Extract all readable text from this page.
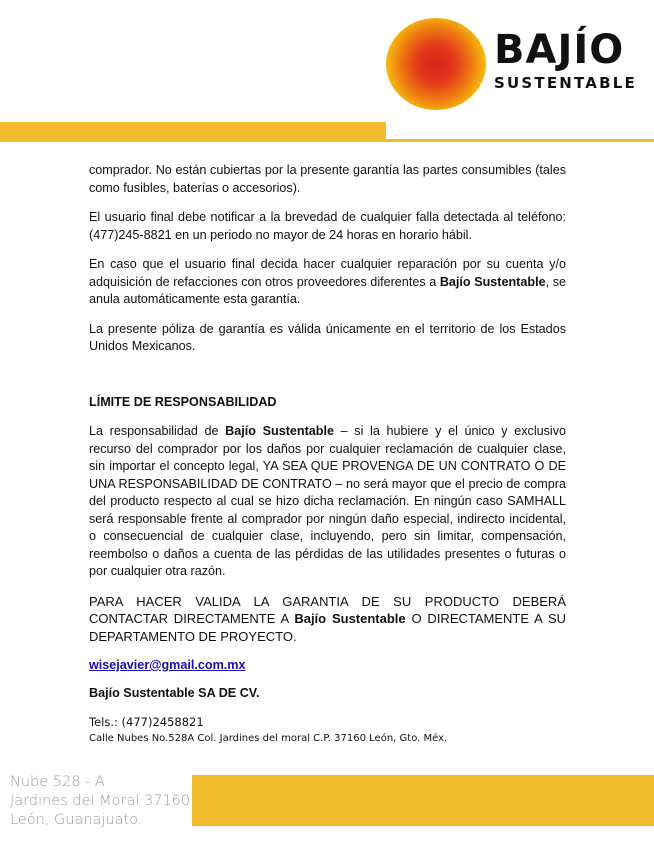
BAJÍO
SUSTENTABLE

comprador. No están cubiertas por la presente garantía las partes consumibles (tales como fusibles, baterías o accesorios).

El usuario final debe notificar a la brevedad de cualquier falla detectada al teléfono: (477)245-8821 en un periodo no mayor de 24 horas en horario hábil.

En caso que el usuario final decida hacer cualquier reparación por su cuenta y/o adquisición de refacciones con otros proveedores diferentes a Bajío Sustentable, se anula automáticamente esta garantía.

La presente póliza de garantía es válida únicamente en el territorio de los Estados Unidos Mexicanos.

LÍMITE DE RESPONSABILIDAD

La responsabilidad de Bajío Sustentable – si la hubiere y el único y exclusivo recurso del comprador por los daños por cualquier reclamación de cualquier clase, sin importar el concepto legal, YA SEA QUE PROVENGA DE UN CONTRATO O DE UNA RESPONSABILIDAD DE CONTRATO – no será mayor que el precio de compra del producto respecto al cual se hizo dicha reclamación. En ningún caso SAMHALL será responsable frente al comprador por ningún daño especial, indirecto incidental, o consecuencial de cualquier clase, incluyendo, pero sin limitar, compensación, reembolso o daños a cuenta de las pérdidas de las utilidades presentes o futuras o por cualquier otra razón.

PARA HACER VALIDA LA GARANTIA DE SU PRODUCTO DEBERÁ CONTACTAR DIRECTAMENTE A Bajío Sustentable O DIRECTAMENTE A SU DEPARTAMENTO DE PROYECTO.

wisejavier@gmail.com.mx

Bajío Sustentable SA DE CV.

Tels.: (477)2458821
Calle Nubes No.528A Col. Jardines del moral C.P. 37160 León, Gto. Méx.
Nube 528 - A
Jardines del Moral 37160
León, Guanajuato.
